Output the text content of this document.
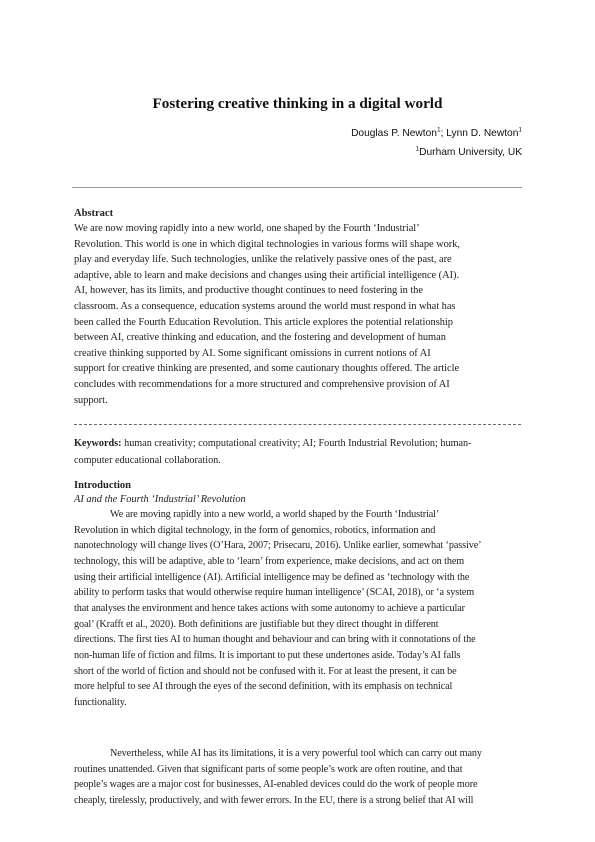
Fostering creative thinking in a digital world
Douglas P. Newton$^1$; Lynn D. Newton$^1$
$^1$Durham University, UK
Abstract
We are now moving rapidly into a new world, one shaped by the Fourth ‘Industrial’
Revolution. This world is one in which digital technologies in various forms will shape work,
play and everyday life. Such technologies, unlike the relatively passive ones of the past, are
adaptive, able to learn and make decisions and changes using their artificial intelligence (AI).
AI, however, has its limits, and productive thought continues to need fostering in the
classroom. As a consequence, education systems around the world must respond in what has
been called the Fourth Education Revolution. This article explores the potential relationship
between AI, creative thinking and education, and the fostering and development of human
creative thinking supported by AI. Some significant omissions in current notions of AI
support for creative thinking are presented, and some cautionary thoughts offered. The article
concludes with recommendations for a more structured and comprehensive provision of AI
support.
Keywords: human creativity; computational creativity; AI; Fourth Industrial Revolution; human-
computer educational collaboration.
Introduction
AI and the Fourth ‘Industrial’ Revolution
We are moving rapidly into a new world, a world shaped by the Fourth ‘Industrial’
Revolution in which digital technology, in the form of genomics, robotics, information and
nanotechnology will change lives (O’Hara, 2007; Prisecaru, 2016). Unlike earlier, somewhat ‘passive’
technology, this will be adaptive, able to ‘learn’ from experience, make decisions, and act on them
using their artificial intelligence (AI). Artificial intelligence may be defined as ‘technology with the
ability to perform tasks that would otherwise require human intelligence’ (SCAI, 2018), or ‘a system
that analyses the environment and hence takes actions with some autonomy to achieve a particular
goal’ (Krafft et al., 2020). Both definitions are justifiable but they direct thought in different
directions. The first ties AI to human thought and behaviour and can bring with it connotations of the
non-human life of fiction and films. It is important to put these undertones aside. Today’s AI falls
short of the world of fiction and should not be confused with it. For at least the present, it can be
more helpful to see AI through the eyes of the second definition, with its emphasis on technical
functionality.
Nevertheless, while AI has its limitations, it is a very powerful tool which can carry out many
routines unattended. Given that significant parts of some people’s work are often routine, and that
people’s wages are a major cost for businesses, AI-enabled devices could do the work of people more
cheaply, tirelessly, productively, and with fewer errors. In the EU, there is a strong belief that AI will
